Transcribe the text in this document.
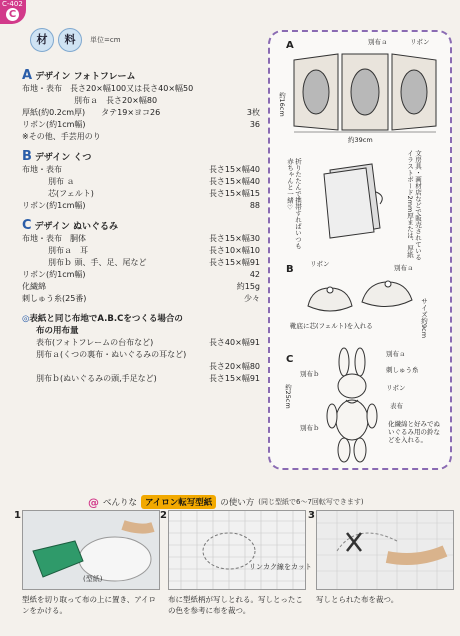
C-402
C
材	料	単位=cm
A デザイン フォトフレーム
布地・表布　長さ20×幅100又は長さ40×幅50
別布ａ　長さ20×幅80
厚紙(約0.2cm厚)　　タテ19×ヨコ26	3枚
リボン(約1cm幅)	36
※その他、手芸用のり
B デザイン くつ
布地・表布	長さ15×幅40
別布 ａ	長さ15×幅40
芯(フェルト)	長さ15×幅15
リボン(約1cm幅)	88
C デザイン ぬいぐるみ
布地・表布　胴体	長さ15×幅30
別布ａ　耳	長さ10×幅10
別布ｂ 頭、手、足、尾など	長さ15×幅91
リボン(約1cm幅)	42
化繊綿	約15g
刺しゅう糸(25番)	少々
◎表紙と同じ布地でA.B.Cをつくる場合の
布の用布量
表布(フォトフレームの台布など)	長さ40×幅91
別布ａ(くつの裏布・ぬいぐるみの耳など)
長さ20×幅80
別布ｂ(ぬいぐるみの頭,手足など)	長さ15×幅91
A	別布ａ	リボン
約16cm
約39cm
文房具・画材店などで販売されているイラストボード2mm厚または、厚紙
折りたたんで携帯すればいつも赤ちゃんと一緒♡
B	リボン	別布ａ
靴底に芯(フェルト)を入れる	サイズ約9cm
C
約25cm
別布ａ
刺しゅう糸
別布ｂ
リボン
表布
別布ｂ	化繊綿と好みでぬいぐるみ用の鈴などを入れる。
@ べんりな アイロン転写型紙 の使い方 (同じ型紙で6〜7回転写できます)
1
(型紙)
型紙を切り取って布の上に置き、アイロンをかける。
2
リンカク線をカット
布に型紙柄が写しとれる。写しとったこの色を参考に布を裁つ。
3
写しとられた布を裁つ。
